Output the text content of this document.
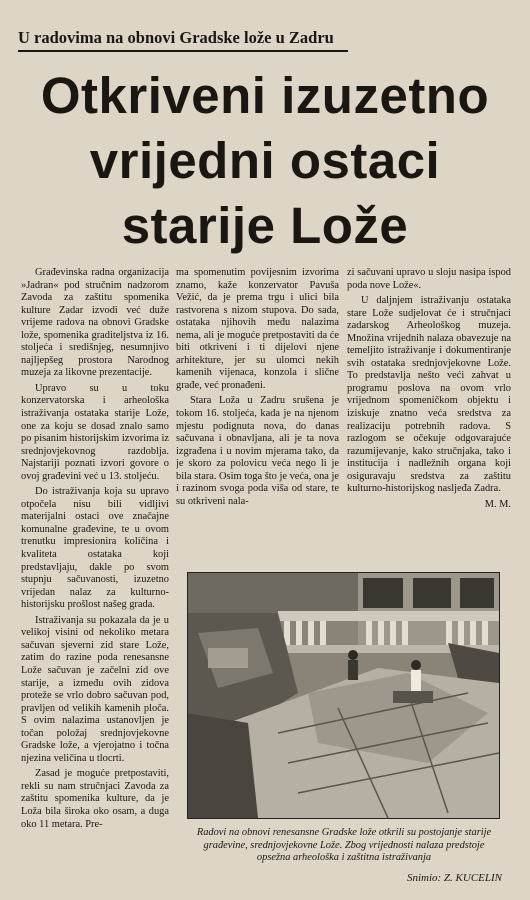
U radovima na obnovi Gradske lože u Zadru
Otkriveni izuzetno
vrijedni ostaci
starije Lože

Građevinska radna organizacija »Jadran« pod stručnim nadzorom Zavoda za zaštitu spomenika kulture Zadar izvodi već duže vrijeme radova na obnovi Gradske lože, spomenika graditeljstva iz 16. stoljeća i središnjeg, nesumnjivo najljepšeg prostora Narodnog muzeja za likovne prezentacije.

Upravo su u toku konzervatorska i arheološka istraživanja ostataka starije Lože, one za koju se dosad znalo samo po pisanim historijskim izvorima iz srednjovjekovnog razdoblja. Najstariji poznati izvori govore o ovoj građevini već u 13. stoljeću.

Do istraživanja koja su upravo otpočela nisu bili vidljivi materijalni ostaci ove značajne komunalne građevine, te u ovom trenutku impresionira količina i kvaliteta ostataka koji predstavljaju, dakle po svom stupnju sačuvanosti, izuzetno vrijedan nalaz za kulturno-historijsku prošlost našeg grada.

Istraživanja su pokazala da je u velikoj visini od nekoliko metara sačuvan sjeverni zid stare Lože, zatim do razine poda renesansne Lože sačuvan je začelni zid ove starije, a između ovih zidova proteže se vrlo dobro sačuvan pod, pravljen od velikih kamenih ploča. S ovim nalazima ustanovljen je točan položaj srednjovjekovne Gradske lože, a vjerojatno i točna njezina veličina u tlocrti.

Zasad je moguće pretpostaviti, rekli su nam stručnjaci Zavoda za zaštitu spomenika kulture, da je Loža bila široka oko osam, a duga oko 11 metara. Pre-

ma spomenutim povijesnim izvorima znamo, kaže konzervator Pavuša Vežić, da je prema trgu i ulici bila rastvorena s nizom stupova. Do sada, ostataka njihovih među nalazima nema, ali je moguće pretpostaviti da će biti otkriveni i ti dijelovi njene arhitekture, jer su ulomci nekih kamenih vijenaca, konzola i slične građe, već pronađeni.

Stara Loža u Zadru srušena je tokom 16. stoljeća, kada je na njenom mjestu podignuta nova, do danas sačuvana i obnavljana, ali je ta nova izgrađena i u novim mjerama tako, da je skoro za polovicu veća nego li je bila stara. Osim toga što je veća, ona je i razinom svoga poda viša od stare, te su otkriveni nala-

zi sačuvani upravo u sloju nasipa ispod poda nove Lože«.

U daljnjem istraživanju ostataka stare Lože sudjelovat će i stručnjaci zadarskog Arheološkog muzeja. Množina vrijednih nalaza obavezuje na temeljito istraživanje i dokumentiranje svih ostataka srednjovjekovne Lože. To predstavlja nešto veći zahvat u programu poslova na ovom vrlo vrijednom spomeničkom objektu i iziskuje znatno veća sredstva za realizaciju potrebnih radova. S razlogom se očekuje odgovarajuće razumijevanje, kako stručnjaka, tako i institucija i nadležnih organa koji osiguravaju sredstva za zaštitu kulturno-historijskog nasljeđa Zadra.

M. M.
Radovi na obnovi renesansne Gradske lože otkrili su postojanje starije građevine, srednjovjekovne Lože. Zbog vrijednosti nalaza predstoje opsežna arheološka i zaštitna istraživanja
Snimio: Z. KUCELIN
